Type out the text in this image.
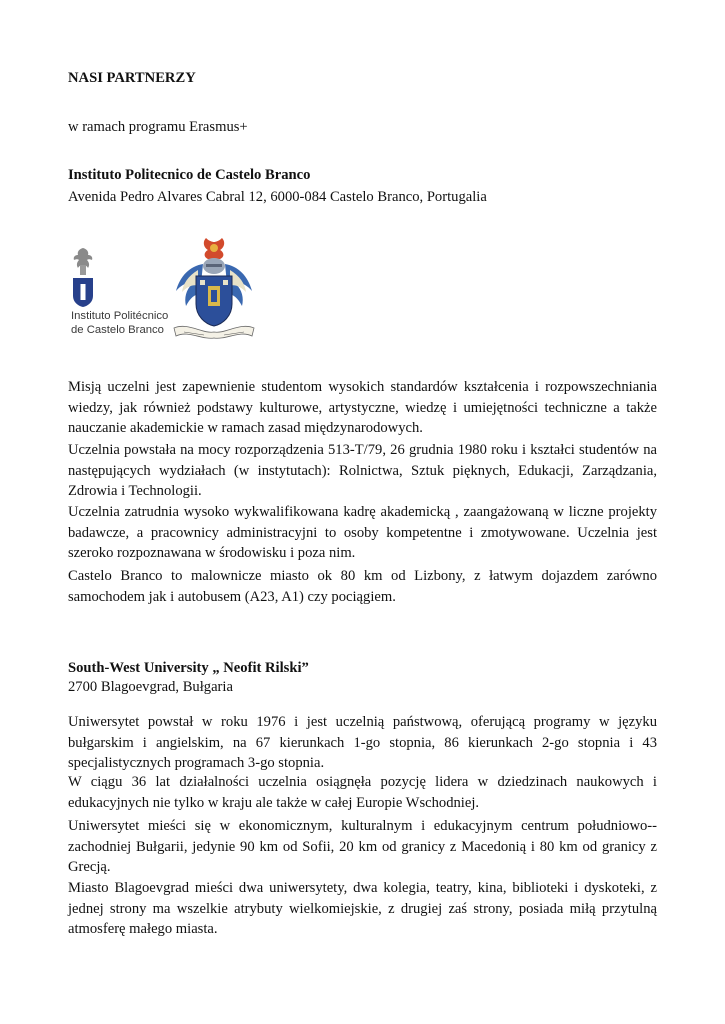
NASI PARTNERZY
w ramach programu Erasmus+
Instituto Politecnico de Castelo Branco
Avenida Pedro Alvares Cabral 12, 6000-084 Castelo Branco, Portugalia
Instituto Politécnico
de Castelo Branco

Misją uczelni jest zapewnienie studentom wysokich standardów kształcenia i rozpowszechniania wiedzy, jak również podstawy kulturowe, artystyczne, wiedzę i umiejętności techniczne a także nauczanie akademickie w ramach zasad międzynarodowych.

Uczelnia powstała na mocy rozporządzenia 513-T/79, 26 grudnia 1980 roku i kształci studentów na następujących wydziałach (w instytutach): Rolnictwa, Sztuk pięknych, Edukacji, Zarządzania, Zdrowia i Technologii.

Uczelnia zatrudnia wysoko wykwalifikowana kadrę akademicką , zaangażowaną w liczne projekty badawcze, a pracownicy administracyjni to osoby kompetentne i zmotywowane. Uczelnia jest szeroko rozpoznawana w środowisku i poza nim.

Castelo Branco to malownicze miasto ok 80 km od Lizbony, z łatwym dojazdem zarówno samochodem jak i autobusem (A23, A1) czy pociągiem.

South-West University „ Neofit Rilski”
2700 Blagoevgrad, Bułgaria

Uniwersytet powstał w roku 1976 i jest uczelnią państwową, oferującą programy w języku bułgarskim i angielskim, na 67 kierunkach 1-go stopnia, 86 kierunkach 2-go stopnia i 43 specjalistycznych programach 3-go stopnia.

W ciągu 36 lat działalności uczelnia osiągnęła pozycję lidera w dziedzinach naukowych i edukacyjnych nie tylko w kraju ale także w całej Europie Wschodniej.

Uniwersytet mieści się w ekonomicznym, kulturalnym i edukacyjnym centrum południowo--zachodniej Bułgarii, jedynie 90 km od Sofii, 20 km od granicy z Macedonią i 80 km od granicy z Grecją.

Miasto Blagoevgrad mieści dwa uniwersytety, dwa kolegia, teatry, kina, biblioteki i dyskoteki, z jednej strony ma wszelkie atrybuty wielkomiejskie, z drugiej zaś strony, posiada miłą przytulną atmosferę małego miasta.
